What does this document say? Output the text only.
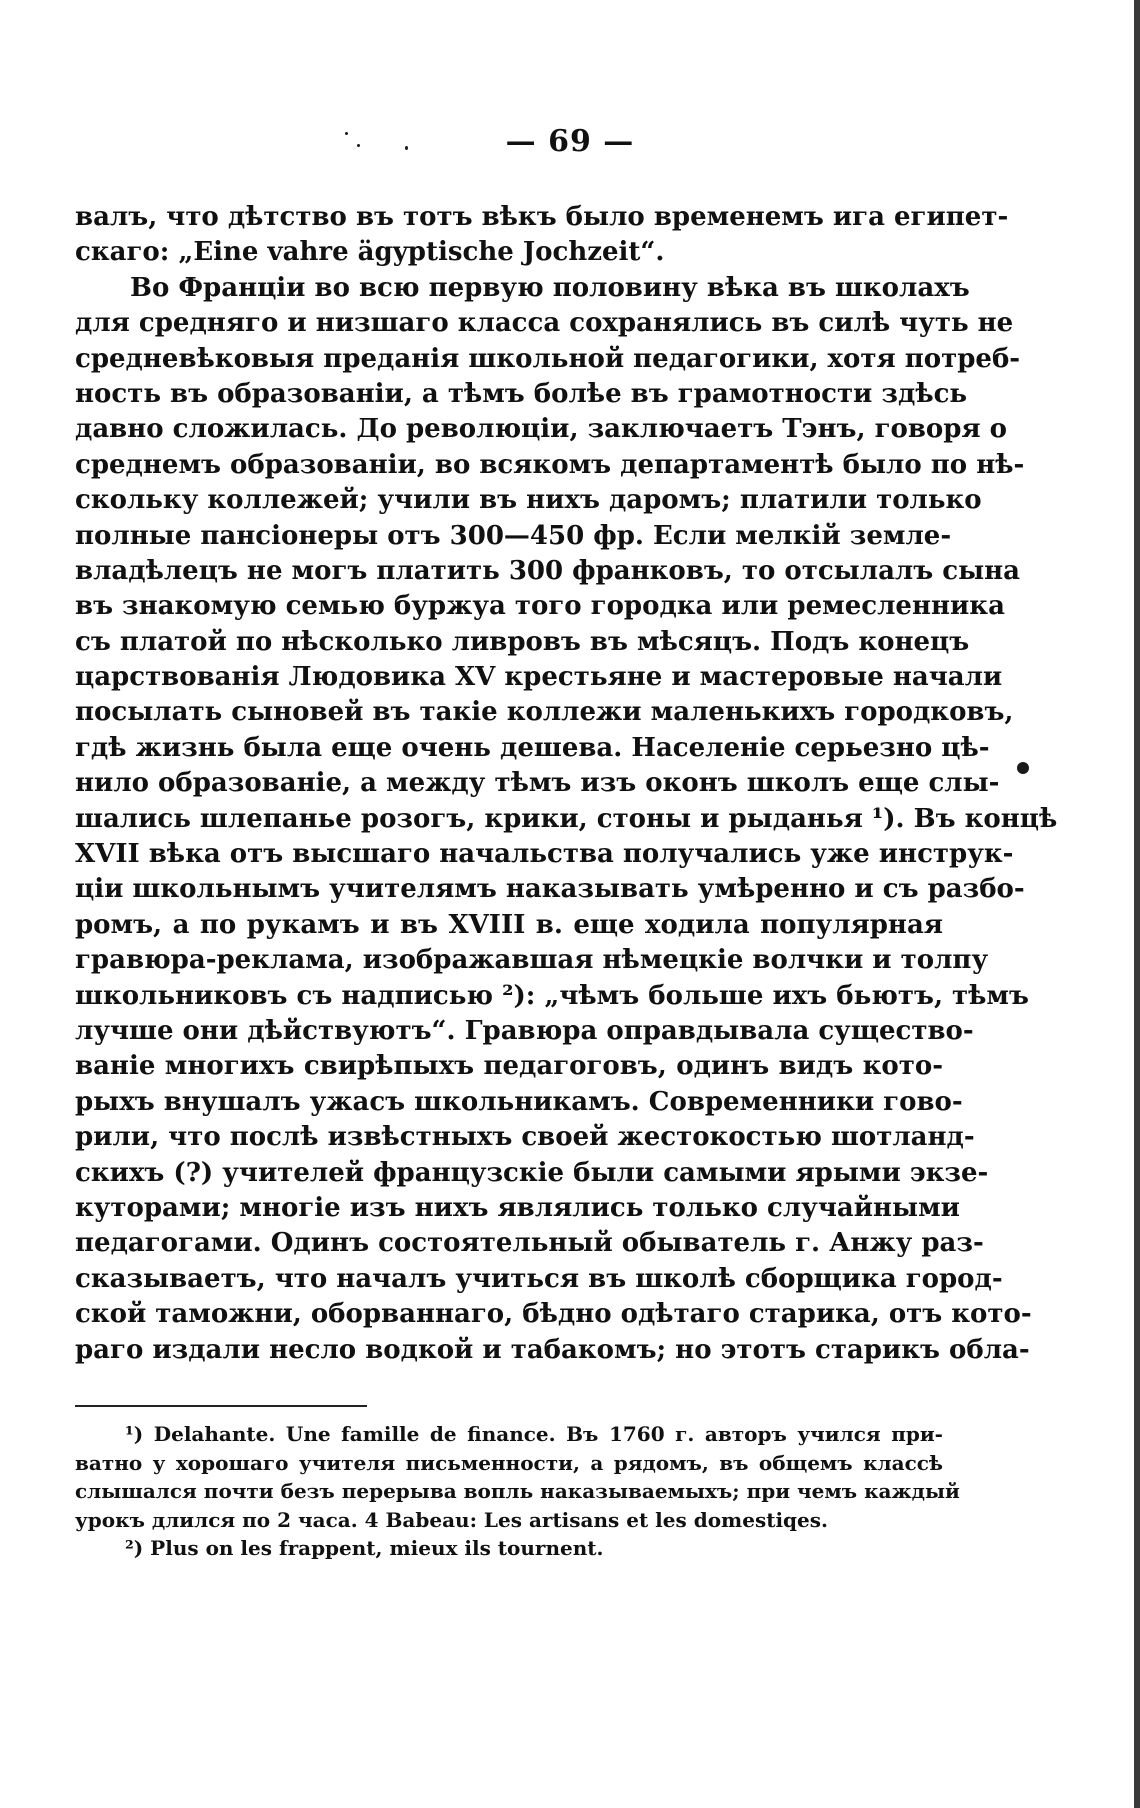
— 69 —
валъ, что дѣтство въ тотъ вѣкъ было временемъ ига египет-
скаго: „Eine vahre ägyptische Jochzeit“.
Во Франціи во всю первую половину вѣка въ школахъ
для средняго и низшаго класса сохранялись въ силѣ чуть не
средневѣковыя преданія школьной педагогики, хотя потреб-
ность въ образованіи, а тѣмъ болѣе въ грамотности здѣсь
давно сложилась. До революціи, заключаетъ Тэнъ, говоря о
среднемъ образованіи, во всякомъ департаментѣ было по нѣ-
скольку коллежей; учили въ нихъ даромъ; платили только
полные пансіонеры отъ 300—450 фр. Если мелкій земле-
владѣлецъ не могъ платить 300 франковъ, то отсылалъ сына
въ знакомую семью буржуа того городка или ремесленника
съ платой по нѣсколько ливровъ въ мѣсяцъ. Подъ конецъ
царствованія Людовика XV крестьяне и мастеровые начали
посылать сыновей въ такіе коллежи маленькихъ городковъ,
гдѣ жизнь была еще очень дешева. Населеніе серьезно цѣ-
нило образованіе, а между тѣмъ изъ оконъ школъ еще слы-
шались шлепанье розогъ, крики, стоны и рыданья ¹). Въ концѣ
XVII вѣка отъ высшаго начальства получались уже инструк-
ціи школьнымъ учителямъ наказывать умѣренно и съ разбо-
ромъ, а по рукамъ и въ XVIII в. еще ходила популярная
гравюра-реклама, изображавшая нѣмецкіе волчки и толпу
школьниковъ съ надписью ²): „чѣмъ больше ихъ бьютъ, тѣмъ
лучше они дѣйствуютъ“. Гравюра оправдывала существо-
ваніе многихъ свирѣпыхъ педагоговъ, одинъ видъ кото-
рыхъ внушалъ ужасъ школьникамъ. Современники гово-
рили, что послѣ извѣстныхъ своей жестокостью шотланд-
скихъ (?) учителей французскіе были самыми ярыми экзе-
куторами; многіе изъ нихъ являлись только случайными
педагогами. Одинъ состоятельный обыватель г. Анжу раз-
сказываетъ, что началъ учиться въ школѣ сборщика город-
ской таможни, оборваннаго, бѣдно одѣтаго старика, отъ кото-
раго издали несло водкой и табакомъ; но этотъ старикъ обла-
¹) Delahante. Une famille de finance. Въ 1760 г. авторъ учился при-
ватно у хорошаго учителя письменности, а рядомъ, въ общемъ классѣ
слышался почти безъ перерыва вопль наказываемыхъ; при чемъ каждый
урокъ длился по 2 часа. 4 Babeau: Les artisans et les domestiqes.
²) Plus on les frappent, mieux ils tournent.
